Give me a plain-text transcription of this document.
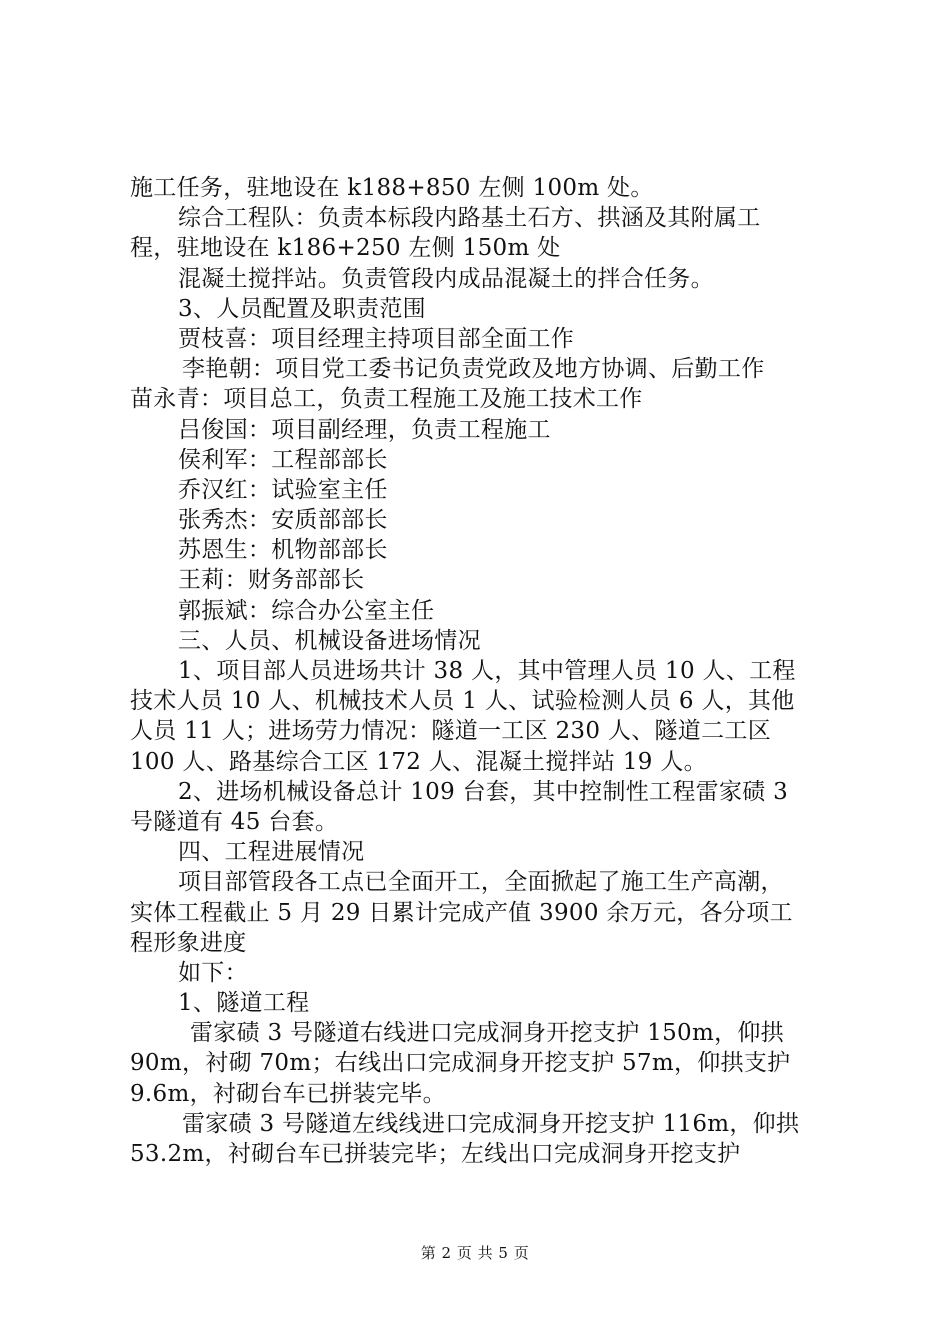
施工任务，驻地设在 k188+850 左侧 100m 处。
综合工程队：负责本标段内路基土石方、拱涵及其附属工
程，驻地设在 k186+250 左侧 150m 处
混凝土搅拌站。负责管段内成品混凝土的拌合任务。
3、人员配置及职责范围
贾枝喜：项目经理主持项目部全面工作
李艳朝：项目党工委书记负责党政及地方协调、后勤工作
苗永青：项目总工，负责工程施工及施工技术工作
吕俊国：项目副经理，负责工程施工
侯利军：工程部部长
乔汉红：试验室主任
张秀杰：安质部部长
苏恩生：机物部部长
王莉：财务部部长
郭振斌：综合办公室主任
三、人员、机械设备进场情况
1、项目部人员进场共计 38 人，其中管理人员 10 人、工程
技术人员 10 人、机械技术人员 1 人、试验检测人员 6 人，其他
人员 11 人；进场劳力情况：隧道一工区 230 人、隧道二工区
100 人、路基综合工区 172 人、混凝土搅拌站 19 人。
2、进场机械设备总计 109 台套，其中控制性工程雷家碛 3
号隧道有 45 台套。
四、工程进展情况
项目部管段各工点已全面开工，全面掀起了施工生产高潮，
实体工程截止 5 月 29 日累计完成产值 3900 余万元，各分项工
程形象进度
如下：
1、隧道工程
雷家碛 3 号隧道右线进口完成洞身开挖支护 150m，仰拱
90m，衬砌 70m；右线出口完成洞身开挖支护 57m，仰拱支护
9.6m，衬砌台车已拼装完毕。
雷家碛 3 号隧道左线线进口完成洞身开挖支护 116m，仰拱
53.2m，衬砌台车已拼装完毕；左线出口完成洞身开挖支护
第 2 页 共 5 页
